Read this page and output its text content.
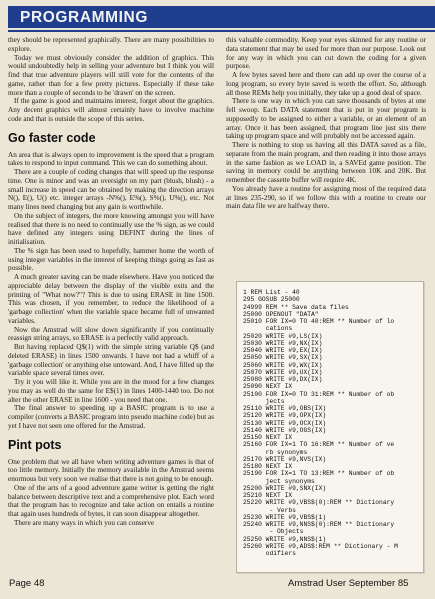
PROGRAMMING

they should be represented graphically. There are many possibilities to explore.

Today we must obviously consider the addition of graphics. This would undoubtedly help in selling your adventure but I think you will find that true adventure players will still vote for the contents of the game, rather than for a few pretty pictures. Especially if these take more than a couple of seconds to be 'drawn' on the screen.

If the game is good and maintains interest, forget about the graphics. Any decent graphics will almost certainly have to involve machine code and that is outside the scope of this series.

Go faster code

An area that is always open to improvement is the speed that a program takes to respond to input command. This we can do something about.

There are a couple of coding changes that will speed up the response time. One is minor and was an oversight on my part (blush, blush) - a small increase in speed can be obtained by making the direction arrays N(), E(), U() etc. integer arrays -N%(), E%(), S%(), U%(), etc. Not many lines need changing but any gain is worthwhile.

On the subject of integers, the more knowing amongst you will have realised that there is no need to continually use the % sign, as we could have defined any integers using DEFINT during the lines of initialisation.

The % sign has been used to hopefully, hammer home the worth of using integer variables in the interest of keeping things going as fast as possible.

A much greater saving can be made elsewhere. Have you noticed the appreciable delay between the display of the visible exits and the printing of "What now?"? This is due to using ERASE in line 1500. This was chosen, if you remember, to reduce the likelihood of a 'garbage collection' when the variable space became full of unwanted variables.

Now the Amstrad will slow down significantly if you continually reassign string arrays, so ERASE is a perfectly valid approach.

But having replaced Q$(1) with the simple string variable Q$ (and deleted ERASE) in lines 1500 onwards. I have not had a whiff of a 'garbage collection' or anything else untoward. And, I have filled up the variable space several times over.

Try it you will like it. While you are in the mood for a few changes you may as well do the same for E$(1) in lines 1400-1440 too. Do not alter the other ERASE in line 1600 - you need that one.

The final answer to speeding up a BASIC program is to use a compiler (converts a BASIC program into pseudo machine code) but as yet I have not seen one offered for the Amstrad.

Pint pots

One problem that we all have when writing adventure games is that of too little memory. Initially the memory available in the Amstrad seems enormous but very soon we realise that there is not going to be enough.

One of the arts of a good adventure game writer is getting the right balance between descriptive text and a comprehensive plot. Each word that the program has to recognize and take action on entails a routine that again uses hundreds of bytes, it can soon disappear altogether.

There are many ways in which you can conserve

this valuable commodity. Keep your eyes skinned for any routine or data statement that may be used for more than our purpose. Look out for any way in which you can cut down the coding for a given purpose.

A few bytes saved here and there can add up over the course of a long program, so every byte saved is worth the effort. So, although all those REMs help you initially, they take up a good deal of space.

There is one way in which you can save thousands of bytes at one fell swoop. Each DATA statement that is put in your program is supposedly to be assigned to either a variable, or an element of an array. Once it has been assigned, that program line just sits there taking up program space and will probably not be accessed again.

There is nothing to stop us having all this DATA saved as a file, separate from the main program, and then reading it into those arrays in the same fashion as we LOAD in, a SAVEd game position. The saving in memory could be anything between 10K and 20K. But remember the cassette buffer will require 4K.

You already have a routine for assigning most of the required data at lines 235-290, so if we follow this with a routine to create our main data file we are halfway there.

1 REM List - 40
295 GOSUB 25000
24999 REM ** Save data files
25000 OPENOUT "DATA"
25010 FOR IX=0 TO 40:REM ** Number of lo
cations
25020 WRITE #9,LS(IX)
25030 WRITE #9,NX(IX)
25040 WRITE #9,EX(IX)
25050 WRITE #9,SX(IX)
25060 WRITE #9,WX(IX)
25070 WRITE #9,UX(IX)
25080 WRITE #9,DX(IX)
25090 NEXT IX
25100 FOR IX=0 TO 31:REM ** Number of ob
jects
25110 WRITE #9,OBS(IX)
25120 WRITE #9,OPX(IX)
25130 WRITE #9,OCX(IX)
25140 WRITE #9,OGS(IX)
25150 NEXT IX
25160 FOR IX=1 TO 16:REM ** Number of ve
rb synonyms
25170 WRITE #9,NVS(IX)
25180 NEXT IX
25190 FOR IX=1 TO 13:REM ** Number of ob
ject synonyms
25200 WRITE #9,SNX(IX)
25210 NEXT IX
25220 WRITE #9,VBS$(0):REM ** Dictionary
- Verbs
25230 WRITE #9,VBS$(1)
25240 WRITE #9,NNS$(0):REM ** Dictionary
- Objects
25250 WRITE #9,NNS$(1)
25260 WRITE #9,ADS$:REM ** Dictionary - M
odifiers
Page 48	Amstrad User September 85
